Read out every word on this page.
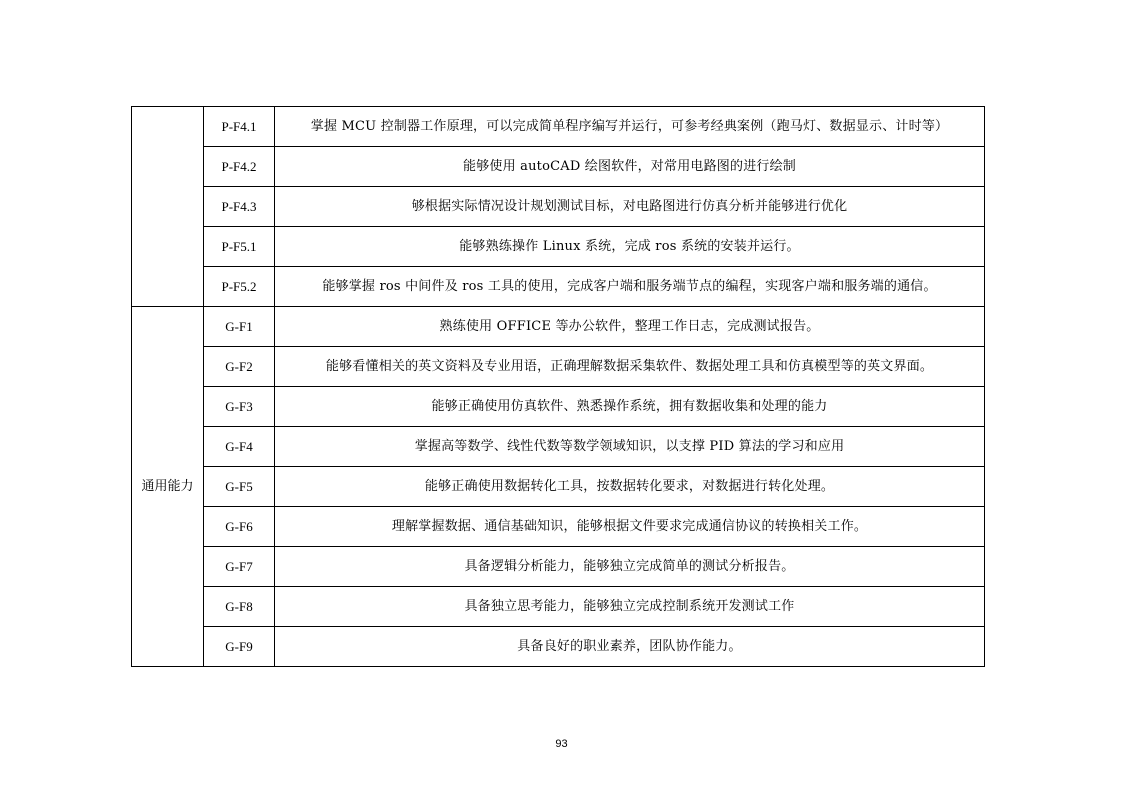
	P-F4.1	掌握 MCU 控制器工作原理，可以完成简单程序编写并运行，可参考经典案例（跑马灯、数据显示、计时等）
	P-F4.2	能够使用 autoCAD 绘图软件，对常用电路图的进行绘制
	P-F4.3	够根据实际情况设计规划测试目标，对电路图进行仿真分析并能够进行优化
	P-F5.1	能够熟练操作 Linux 系统，完成 ros 系统的安装并运行。
	P-F5.2	能够掌握 ros 中间件及 ros 工具的使用，完成客户端和服务端节点的编程，实现客户端和服务端的通信。
通用能力	G-F1	熟练使用 OFFICE 等办公软件，整理工作日志，完成测试报告。
	G-F2	能够看懂相关的英文资料及专业用语，正确理解数据采集软件、数据处理工具和仿真模型等的英文界面。
	G-F3	能够正确使用仿真软件、熟悉操作系统，拥有数据收集和处理的能力
	G-F4	掌握高等数学、线性代数等数学领域知识，以支撑 PID 算法的学习和应用
	G-F5	能够正确使用数据转化工具，按数据转化要求，对数据进行转化处理。
	G-F6	理解掌握数据、通信基础知识，能够根据文件要求完成通信协议的转换相关工作。
	G-F7	具备逻辑分析能力，能够独立完成简单的测试分析报告。
	G-F8	具备独立思考能力，能够独立完成控制系统开发测试工作
	G-F9	具备良好的职业素养，团队协作能力。
93
